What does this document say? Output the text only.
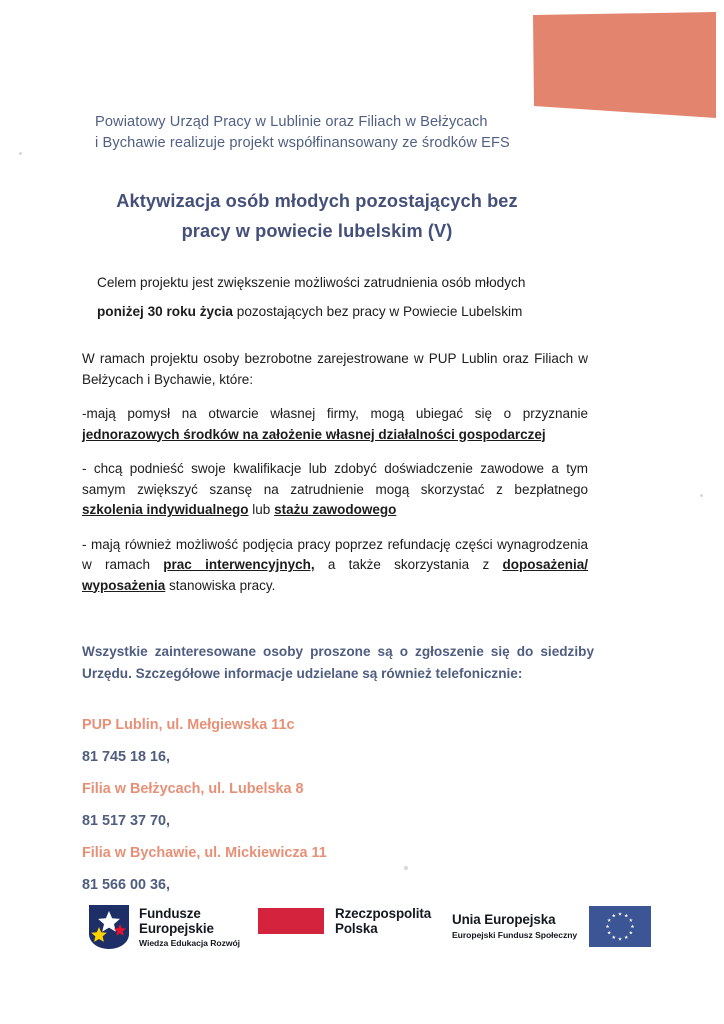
Powiatowy Urząd Pracy w Lublinie oraz Filiach w Bełżycach
i Bychawie realizuje projekt współfinansowany ze środków EFS
Aktywizacja osób młodych pozostających bez
pracy w powiecie lubelskim (V)
Celem projektu jest zwiększenie możliwości zatrudnienia osób młodych
poniżej 30 roku życia pozostających bez pracy w Powiecie Lubelskim

W ramach projektu osoby bezrobotne zarejestrowane w PUP Lublin oraz Filiach w Bełżycach i Bychawie, które:

-mają pomysł na otwarcie własnej firmy, mogą ubiegać się o przyznanie jednorazowych środków na założenie własnej działalności gospodarczej

- chcą podnieść swoje kwalifikacje lub zdobyć doświadczenie zawodowe a tym samym zwiększyć szansę na zatrudnienie mogą skorzystać z bezpłatnego szkolenia indywidualnego lub stażu zawodowego

- mają również możliwość podjęcia pracy poprzez refundację części wynagrodzenia w ramach prac interwencyjnych, a także skorzystania z doposażenia/ wyposażenia stanowiska pracy.

Wszystkie zainteresowane osoby proszone są o zgłoszenie się do siedziby Urzędu. Szczegółowe informacje udzielane są również telefonicznie:
PUP Lublin, ul. Mełgiewska 11c
81 745 18 16,
Filia w Bełżycach, ul. Lubelska 8
81 517 37 70,
Filia w Bychawie, ul. Mickiewicza 11
81 566 00 36,
Fundusze
Europejskie
Wiedza Edukacja Rozwój
Rzeczpospolita
Polska
Unia Europejska
Europejski Fundusz Społeczny
